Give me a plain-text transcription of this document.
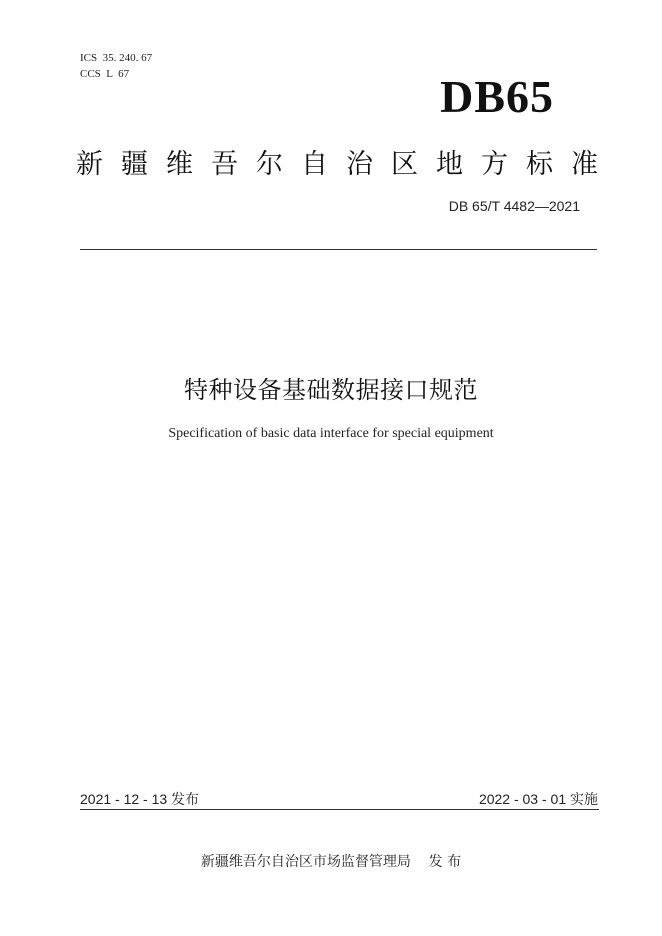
ICS  35. 240. 67
CCS  L  67	DB65
新疆维吾尔自治区地方标准
DB 65/T 4482—2021
特种设备基础数据接口规范
Specification of basic data interface for special equipment
2021 - 12 - 13 发布	2022 - 03 - 01 实施
新疆维吾尔自治区市场监督管理局    发 布
